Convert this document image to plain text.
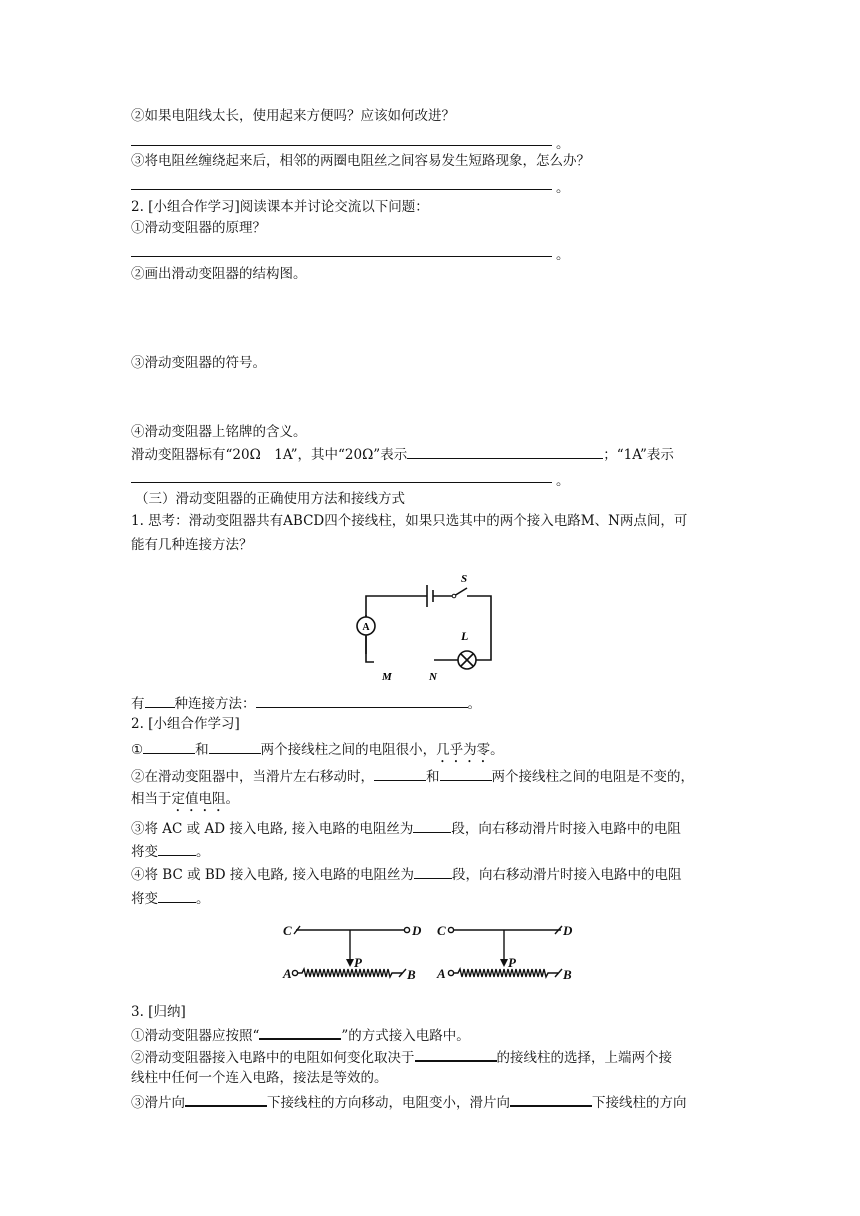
②如果电阻线太长，使用起来方便吗？应该如何改进？
。
③将电阻丝缠绕起来后，相邻的两圈电阻丝之间容易发生短路现象，怎么办？
。
2. [小组合作学习]阅读课本并讨论交流以下问题：
①滑动变阻器的原理？
。
②画出滑动变阻器的结构图。
③滑动变阻器的符号。
④滑动变阻器上铭牌的含义。
滑动变阻器标有“20Ω　1A”，其中“20Ω”表示	；“1A”表示
。
（三）滑动变阻器的正确使用方法和接线方式
1. 思考：滑动变阻器共有ABCD四个接线柱，如果只选其中的两个接入电路M、N两点间，可
能有几种连接方法？
A
S
L
M	N
有 种连接方法：	。
2. [小组合作学习]
①	和	两个接线柱之间的电阻很小，几乎为零。
②在滑动变阻器中，当滑片左右移动时，	和	两个接线柱之间的电阻是不变的，
相当于定值电阻。
③将 AC 或 AD 接入电路, 接入电路的电阻丝为	段，向右移动滑片时接入电路中的电阻
将变	。
④将 BC 或 BD 接入电路, 接入电路的电阻丝为	段，向右移动滑片时接入电路中的电阻
将变	。
C	D
A
P
B
C	D
A
P
B
3. [归纳]
①滑动变阻器应按照“	”的方式接入电路中。
②滑动变阻器接入电路中的电阻如何变化取决于	的接线柱的选择，上端两个接
线柱中任何一个连入电路，接法是等效的。
③滑片向	下接线柱的方向移动，电阻变小，滑片向	下接线柱的方向
